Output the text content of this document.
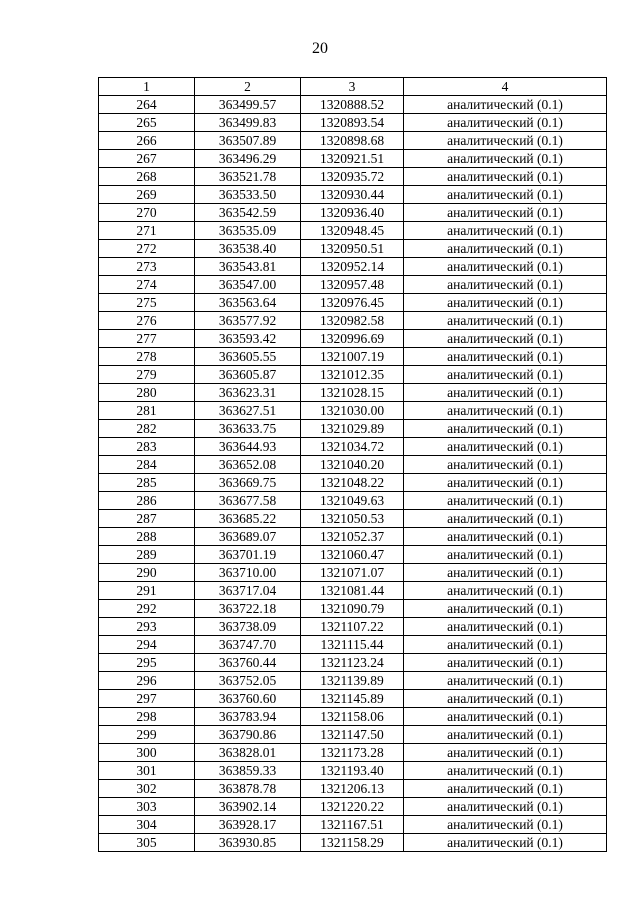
20
1	2	3	4
264	363499.57	1320888.52	аналитический (0.1)
265	363499.83	1320893.54	аналитический (0.1)
266	363507.89	1320898.68	аналитический (0.1)
267	363496.29	1320921.51	аналитический (0.1)
268	363521.78	1320935.72	аналитический (0.1)
269	363533.50	1320930.44	аналитический (0.1)
270	363542.59	1320936.40	аналитический (0.1)
271	363535.09	1320948.45	аналитический (0.1)
272	363538.40	1320950.51	аналитический (0.1)
273	363543.81	1320952.14	аналитический (0.1)
274	363547.00	1320957.48	аналитический (0.1)
275	363563.64	1320976.45	аналитический (0.1)
276	363577.92	1320982.58	аналитический (0.1)
277	363593.42	1320996.69	аналитический (0.1)
278	363605.55	1321007.19	аналитический (0.1)
279	363605.87	1321012.35	аналитический (0.1)
280	363623.31	1321028.15	аналитический (0.1)
281	363627.51	1321030.00	аналитический (0.1)
282	363633.75	1321029.89	аналитический (0.1)
283	363644.93	1321034.72	аналитический (0.1)
284	363652.08	1321040.20	аналитический (0.1)
285	363669.75	1321048.22	аналитический (0.1)
286	363677.58	1321049.63	аналитический (0.1)
287	363685.22	1321050.53	аналитический (0.1)
288	363689.07	1321052.37	аналитический (0.1)
289	363701.19	1321060.47	аналитический (0.1)
290	363710.00	1321071.07	аналитический (0.1)
291	363717.04	1321081.44	аналитический (0.1)
292	363722.18	1321090.79	аналитический (0.1)
293	363738.09	1321107.22	аналитический (0.1)
294	363747.70	1321115.44	аналитический (0.1)
295	363760.44	1321123.24	аналитический (0.1)
296	363752.05	1321139.89	аналитический (0.1)
297	363760.60	1321145.89	аналитический (0.1)
298	363783.94	1321158.06	аналитический (0.1)
299	363790.86	1321147.50	аналитический (0.1)
300	363828.01	1321173.28	аналитический (0.1)
301	363859.33	1321193.40	аналитический (0.1)
302	363878.78	1321206.13	аналитический (0.1)
303	363902.14	1321220.22	аналитический (0.1)
304	363928.17	1321167.51	аналитический (0.1)
305	363930.85	1321158.29	аналитический (0.1)
